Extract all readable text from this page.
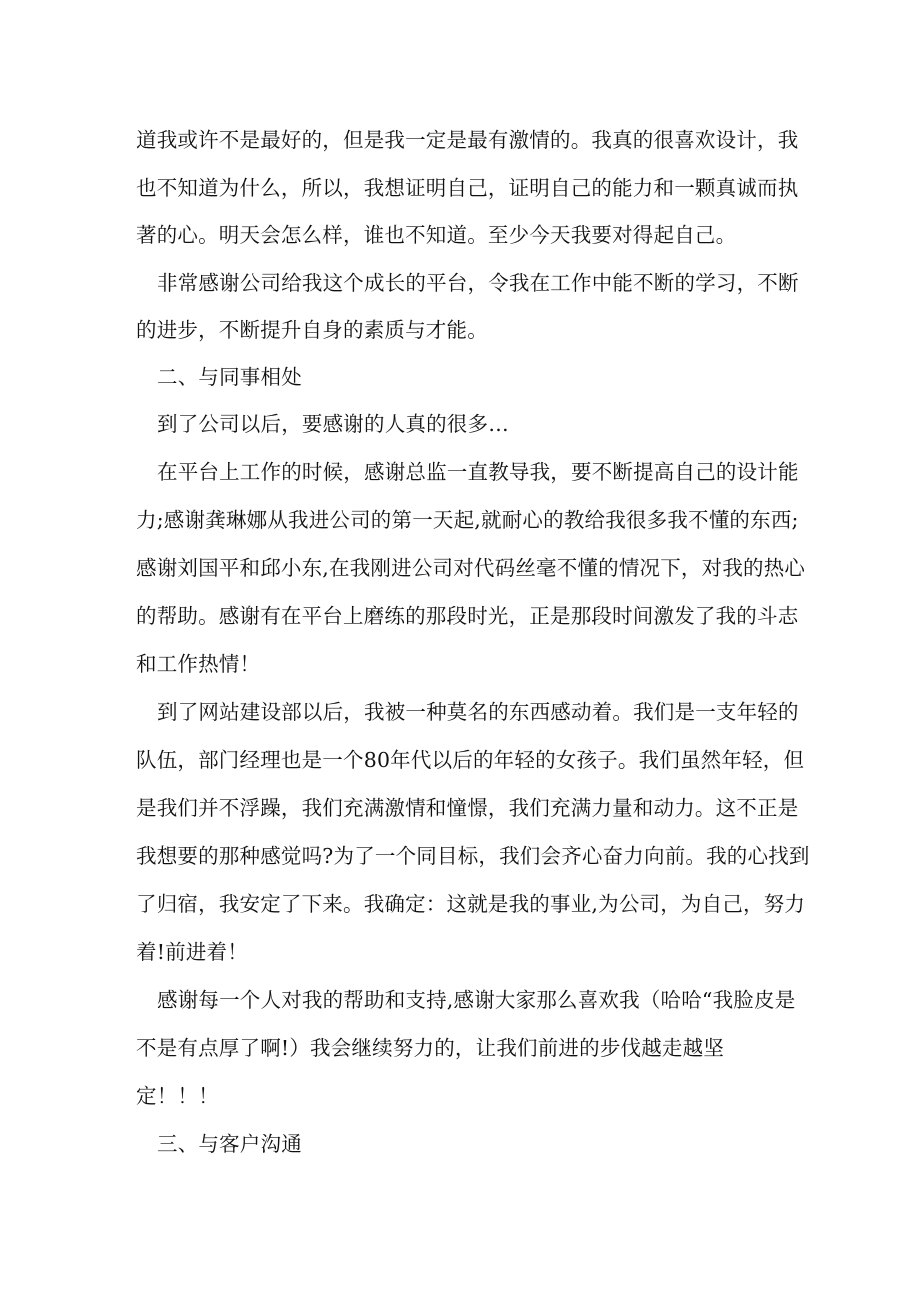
道我或许不是最好的，但是我一定是最有激情的。我真的很喜欢设计，我
也不知道为什么，所以，我想证明自己，证明自己的能力和一颗真诚而执
著的心。明天会怎么样，谁也不知道。至少今天我要对得起自己。
非常感谢公司给我这个成长的平台，令我在工作中能不断的学习，不断
的进步，不断提升自身的素质与才能。
二、与同事相处
到了公司以后，要感谢的人真的很多…
在平台上工作的时候，感谢总监一直教导我，要不断提高自己的设计能
力;感谢龚琳娜从我进公司的第一天起,就耐心的教给我很多我不懂的东西;
感谢刘国平和邱小东,在我刚进公司对代码丝毫不懂的情况下，对我的热心
的帮助。感谢有在平台上磨练的那段时光，正是那段时间激发了我的斗志
和工作热情！
到了网站建设部以后，我被一种莫名的东西感动着。我们是一支年轻的
队伍，部门经理也是一个80年代以后的年轻的女孩子。我们虽然年轻，但
是我们并不浮躁，我们充满激情和憧憬，我们充满力量和动力。这不正是
我想要的那种感觉吗?为了一个同目标，我们会齐心奋力向前。我的心找到
了归宿，我安定了下来。我确定：这就是我的事业,为公司，为自己，努力
着!前进着！
感谢每一个人对我的帮助和支持,感谢大家那么喜欢我（哈哈“我脸皮是
不是有点厚了啊!）我会继续努力的，让我们前进的步伐越走越坚
定！！！
三、与客户沟通
